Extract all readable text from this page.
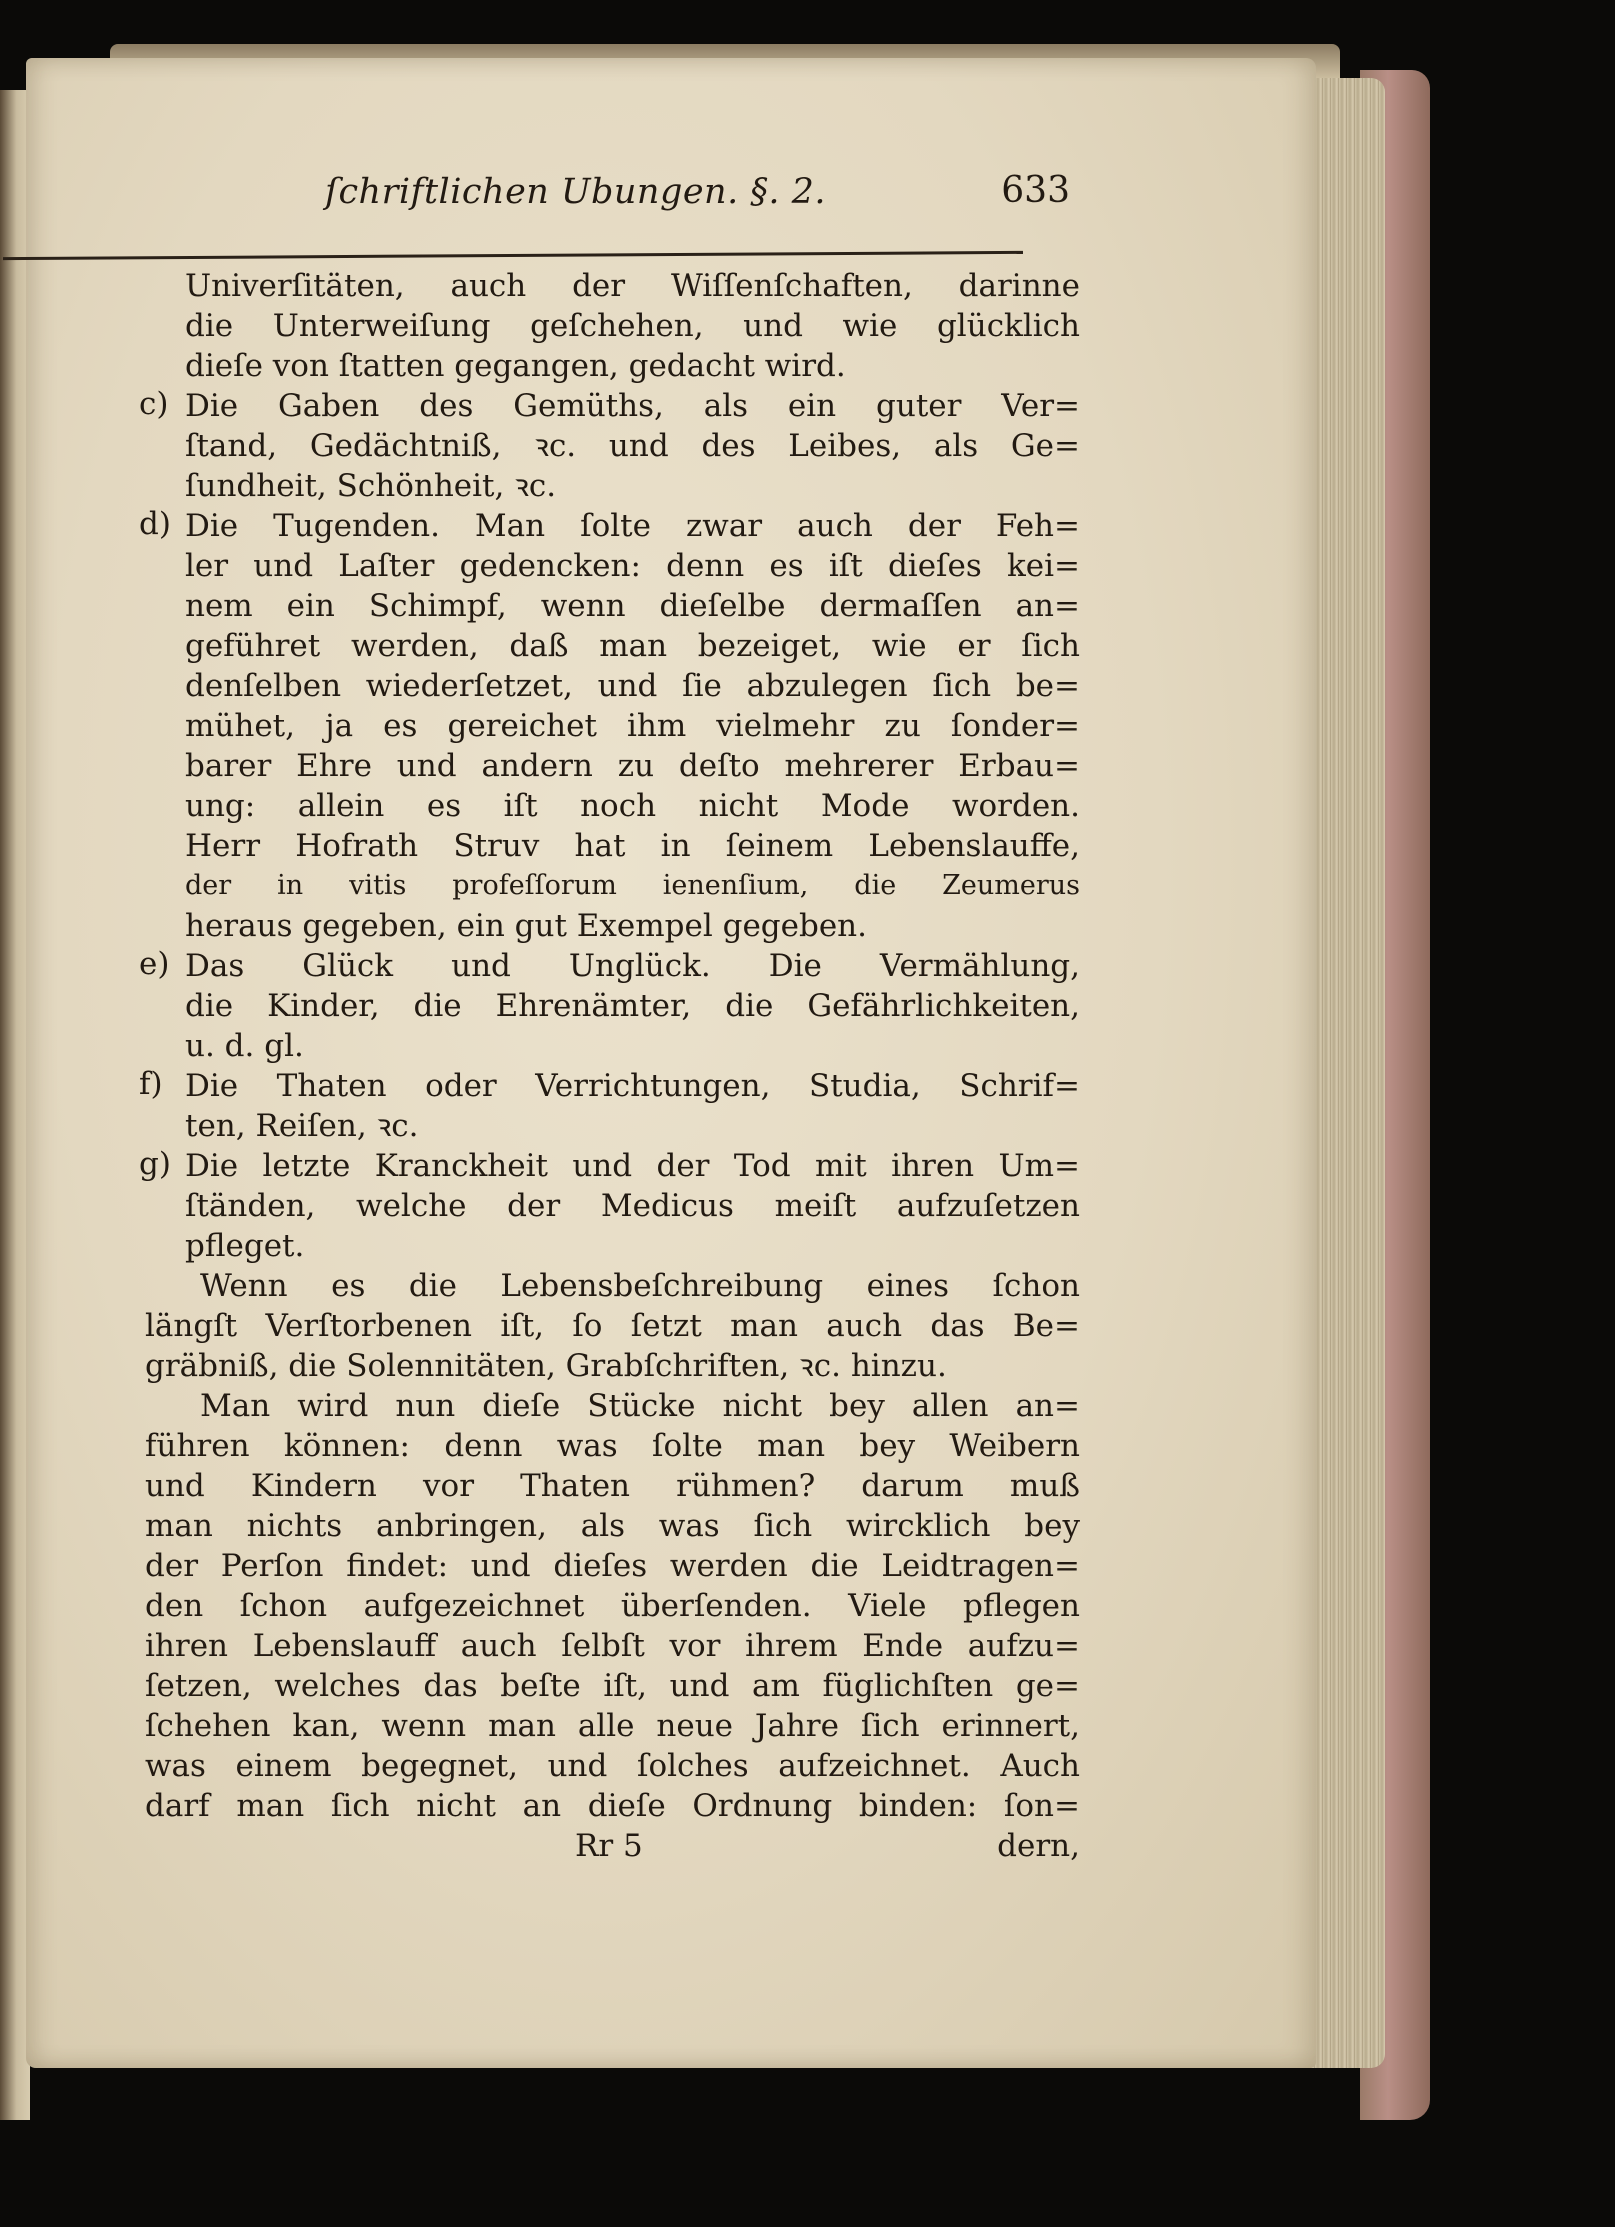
ſchriftlichen Ubungen. §. 2.	633
Univerſitäten, auch der Wiſſenſchaften, darinne
die Unterweiſung geſchehen, und wie glücklich
dieſe von ſtatten gegangen, gedacht wird.
c) Die Gaben des Gemüths, als ein guter Ver=
ſtand, Gedächtniß, ꝛc. und des Leibes, als Ge=
ſundheit, Schönheit, ꝛc.
d) Die Tugenden. Man ſolte zwar auch der Feh=
ler und Laſter gedencken: denn es iſt dieſes kei=
nem ein Schimpf, wenn dieſelbe dermaſſen an=
geführet werden, daß man bezeiget, wie er ſich
denſelben wiederſetzet, und ſie abzulegen ſich be=
mühet, ja es gereichet ihm vielmehr zu ſonder=
barer Ehre und andern zu deſto mehrerer Erbau=
ung: allein es iſt noch nicht Mode worden.
Herr Hofrath Struv hat in ſeinem Lebenslauffe,
der in vitis profeſſorum ienenſium, die Zeumerus
heraus gegeben, ein gut Exempel gegeben.
e) Das Glück und Unglück. Die Vermählung,
die Kinder, die Ehrenämter, die Gefährlichkeiten,
u. d. gl.
f) Die Thaten oder Verrichtungen, Studia, Schrif=
ten, Reiſen, ꝛc.
g) Die letzte Kranckheit und der Tod mit ihren Um=
ſtänden, welche der Medicus meiſt aufzuſetzen
pfleget.
Wenn es die Lebensbeſchreibung eines ſchon
längſt Verſtorbenen iſt, ſo ſetzt man auch das Be=
gräbniß, die Solennitäten, Grabſchriften, ꝛc. hinzu.
Man wird nun dieſe Stücke nicht bey allen an=
führen können: denn was ſolte man bey Weibern
und Kindern vor Thaten rühmen? darum muß
man nichts anbringen, als was ſich wircklich bey
der Perſon findet: und dieſes werden die Leidtragen=
den ſchon aufgezeichnet überſenden. Viele pflegen
ihren Lebenslauff auch ſelbſt vor ihrem Ende aufzu=
ſetzen, welches das beſte iſt, und am füglichſten ge=
ſchehen kan, wenn man alle neue Jahre ſich erinnert,
was einem begegnet, und ſolches aufzeichnet. Auch
darf man ſich nicht an dieſe Ordnung binden: ſon=
Rr 5	dern,
